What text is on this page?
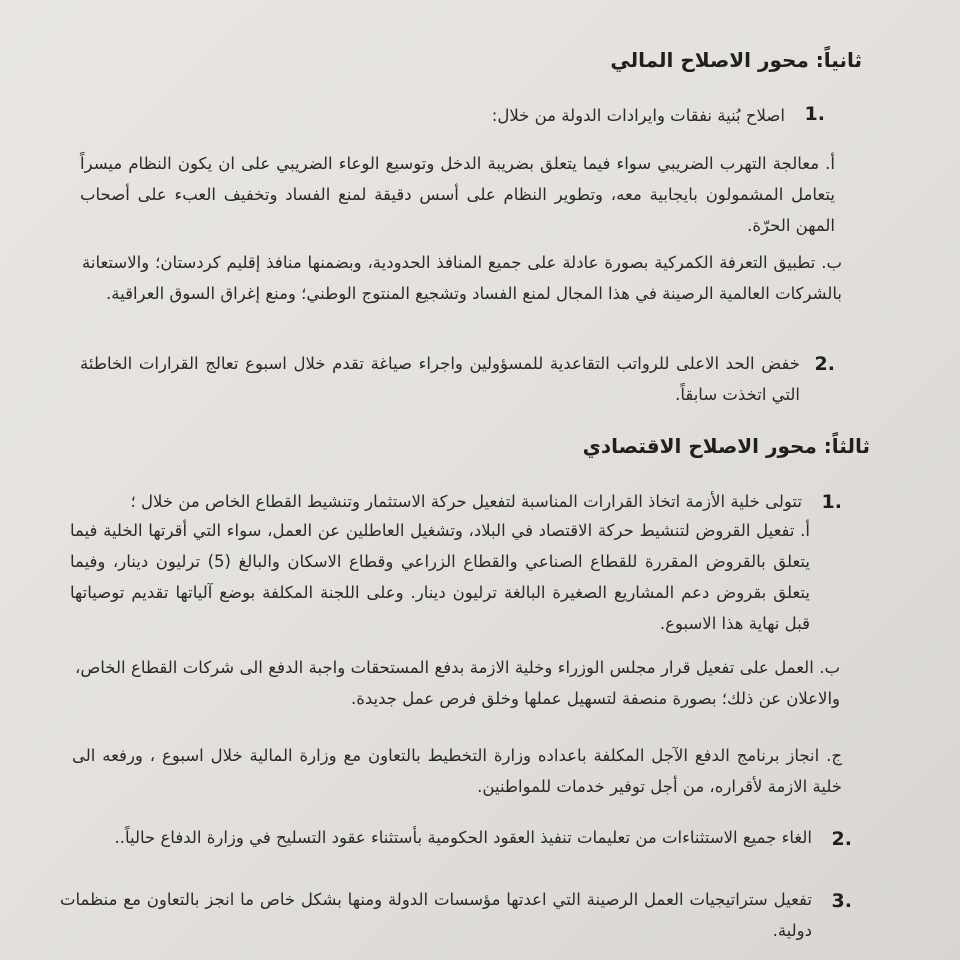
ثانياً: محور الاصلاح المالي
.1
اصلاح بُنية نفقات وايرادات الدولة من خلال:
أ. معالجة التهرب الضريبي سواء فيما يتعلق بضريبة الدخل وتوسيع الوعاء الضريبي على ان يكون النظام ميسراً يتعامل المشمولون بايجابية معه، وتطوير النظام على أسس دقيقة لمنع الفساد وتخفيف العبء على أصحاب المهن الحرّة.
ب. تطبيق التعرفة الكمركية بصورة عادلة على جميع المنافذ الحدودية، وبضمنها منافذ إقليم كردستان؛ والاستعانة بالشركات العالمية الرصينة في هذا المجال لمنع الفساد وتشجيع المنتوج الوطني؛ ومنع إغراق السوق العراقية.
.2
خفض الحد الاعلى للرواتب التقاعدية للمسؤولين واجراء صياغة تقدم خلال اسبوع تعالج القرارات الخاطئة التي اتخذت سابقاً.
ثالثاً: محور الاصلاح الاقتصادي
.1
تتولى خلية الأزمة اتخاذ القرارات المناسبة لتفعيل حركة الاستثمار وتنشيط القطاع الخاص من خلال ؛
أ. تفعيل القروض لتنشيط حركة الاقتصاد في البلاد، وتشغيل العاطلين عن العمل، سواء التي أقرتها الخلية فيما يتعلق بالقروض المقررة للقطاع الصناعي والقطاع الزراعي وقطاع الاسكان والبالغ (5) ترليون دينار، وفيما يتعلق بقروض دعم المشاريع الصغيرة البالغة ترليون دينار. وعلى اللجنة المكلفة بوضع آلياتها تقديم توصياتها قبل نهاية هذا الاسبوع.
ب. العمل على تفعيل قرار مجلس الوزراء وخلية الازمة بدفع المستحقات واجبة الدفع الى شركات القطاع الخاص، والاعلان عن ذلك؛ بصورة منصفة لتسهيل عملها وخلق فرص عمل جديدة.
ج. انجاز برنامج الدفع الآجل المكلفة باعداده وزارة التخطيط بالتعاون مع وزارة المالية خلال اسبوع ، ورفعه الى خلية الازمة لأقراره، من أجل توفير خدمات للمواطنين.
.2
الغاء جميع الاستثناءات من تعليمات تنفيذ العقود الحكومية بأستثناء عقود التسليح في وزارة الدفاع حالياً..
.3
تفعيل ستراتيجيات العمل الرصينة التي اعدتها مؤسسات الدولة ومنها بشكل خاص ما انجز بالتعاون مع منظمات دولية.
